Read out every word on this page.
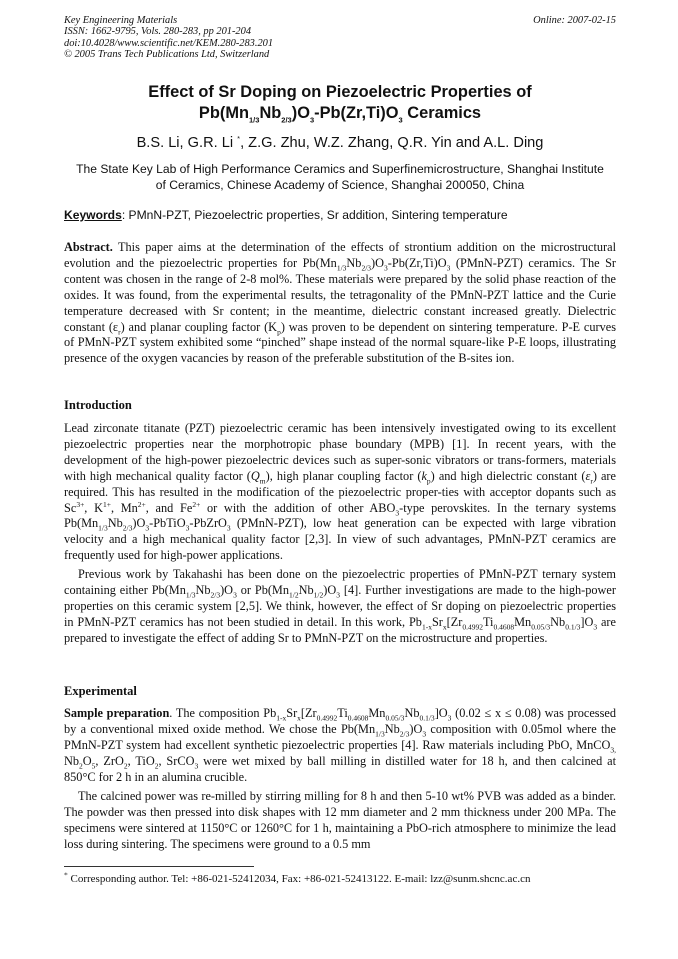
Key Engineering Materials
ISSN: 1662-9795, Vols. 280-283, pp 201-204
doi:10.4028/www.scientific.net/KEM.280-283.201
© 2005 Trans Tech Publications Ltd, Switzerland
Online: 2007-02-15
Effect of Sr Doping on Piezoelectric Properties of
$Pb(Mn_{1/3}Nb_{2/3})O_3-Pb(Zr,Ti)O_3$ Ceramics
B.S. Li, G.R. Li *, Z.G. Zhu, W.Z. Zhang, Q.R. Yin and A.L. Ding
The State Key Lab of High Performance Ceramics and Superfinemicrostructure, Shanghai Institute
of Ceramics, Chinese Academy of Science, Shanghai 200050, China
Keywords: PMnN-PZT, Piezoelectric properties, Sr addition, Sintering temperature
Abstract. This paper aims at the determination of the effects of strontium addition on the microstructural evolution and the piezoelectric properties for $Pb(Mn_{1/3}Nb_{2/3})O_3-Pb(Zr,Ti)O_3$ (PMnN-PZT) ceramics. The Sr content was chosen in the range of 2-8 mol%. These materials were prepared by the solid phase reaction of the oxides. It was found, from the experimental results, the tetragonality of the PMnN-PZT lattice and the Curie temperature decreased with Sr content; in the meantime, dielectric constant increased greatly. Dielectric constant $(\varepsilon_r)$ and planar coupling factor $(K_p)$ was proven to be dependent on sintering temperature. P-E curves of PMnN-PZT system exhibited some “pinched” shape instead of the normal square-like P-E loops, illustrating presence of the oxygen vacancies by reason of the preferable substitution of the B-sites ion.
Introduction
Lead zirconate titanate (PZT) piezoelectric ceramic has been intensively investigated owing to its excellent piezoelectric properties near the morphotropic phase boundary (MPB) [1]. In recent years, with the development of the high-power piezoelectric devices such as super-sonic vibrators or trans-formers, materials with high mechanical quality factor $(Q_m)$, high planar coupling factor $(k_p)$ and high dielectric constant $(\varepsilon_r)$ are required. This has resulted in the modification of the piezoelectric proper-ties with acceptor dopants such as $Sc^{3+}$, $K^{1+}$, $Mn^{2+}$, and $Fe^{2+}$ or with the addition of other $ABO_3$-type perovskites. In the ternary systems $Pb(Mn_{1/3}Nb_{2/3})O_3-PbTiO_3-PbZrO_3$ (PMnN-PZT), low heat generation can be expected with large vibration velocity and a high mechanical quality factor [2,3]. In view of such advantages, PMnN-PZT ceramics are frequently used for high-power applications.
Previous work by Takahashi has been done on the piezoelectric properties of PMnN-PZT ternary system containing either $Pb(Mn_{1/3}Nb_{2/3})O_3$ or $Pb(Mn_{1/2}Nb_{1/2})O_3$ [4]. Further investigations are made to the high-power properties on this ceramic system [2,5]. We think, however, the effect of Sr doping on piezoelectric properties in PMnN-PZT ceramics has not been studied in detail. In this work, $Pb_{1-x}Sr_x[Zr_{0.4992}Ti_{0.4608}Mn_{0.05/3}Nb_{0.1/3}]O_3$ are prepared to investigate the effect of adding Sr to PMnN-PZT on the microstructure and properties.
Experimental
Sample preparation. The composition $Pb_{1-x}Sr_x[Zr_{0.4992}Ti_{0.4608}Mn_{0.05/3}Nb_{0.1/3}]O_3$ (0.02 ≤ x ≤ 0.08) was processed by a conventional mixed oxide method. We chose the $Pb(Mn_{1/3}Nb_{2/3})O_3$ composition with 0.05mol where the PMnN-PZT system had excellent synthetic piezoelectric properties [4]. Raw materials including PbO, MnCO$_{3,}$ $Nb_2O_5$, ZrO$_2$, TiO$_2$, SrCO$_3$ were wet mixed by ball milling in distilled water for 18 h, and then calcined at 850°C for 2 h in an alumina crucible.
The calcined power was re-milled by stirring milling for 8 h and then 5-10 wt% PVB was added as a binder. The powder was then pressed into disk shapes with 12 mm diameter and 2 mm thickness under 200 MPa. The specimens were sintered at 1150°C or 1260°C for 1 h, maintaining a PbO-rich atmosphere to minimize the lead loss during sintering. The specimens were ground to a 0.5 mm
* Corresponding author. Tel: +86-021-52412034, Fax: +86-021-52413122. E-mail: lzz@sunm.shcnc.ac.cn
